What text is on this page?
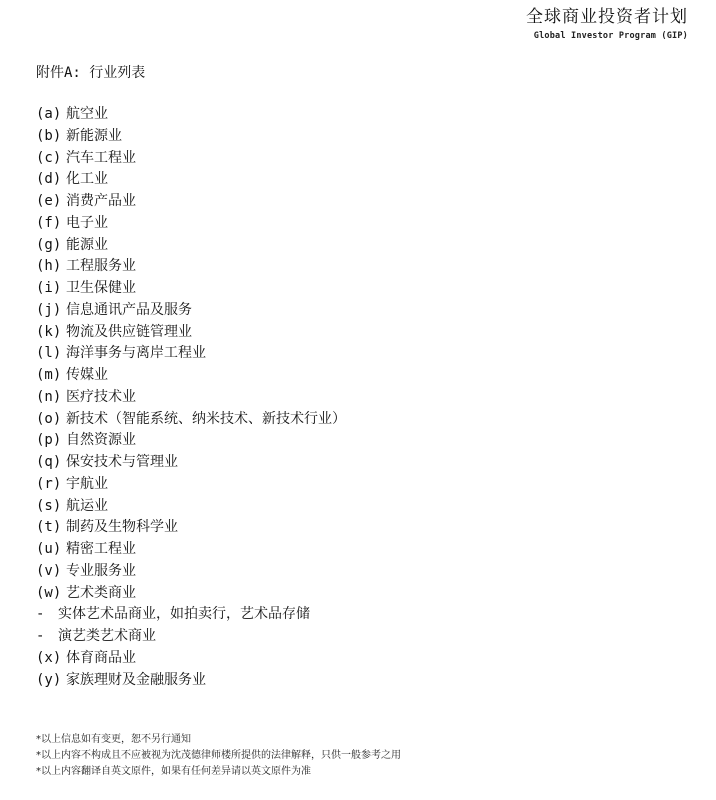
全球商业投资者计划
Global Investor Program (GIP)
附件A: 行业列表
(a) 航空业
(b) 新能源业
(c) 汽车工程业
(d) 化工业
(e) 消费产品业
(f) 电子业
(g) 能源业
(h) 工程服务业
(i) 卫生保健业
(j) 信息通讯产品及服务
(k) 物流及供应链管理业
(l) 海洋事务与离岸工程业
(m) 传媒业
(n) 医疗技术业
(o) 新技术（智能系统、纳米技术、新技术行业）
(p) 自然资源业
(q) 保安技术与管理业
(r) 宇航业
(s) 航运业
(t) 制药及生物科学业
(u) 精密工程业
(v) 专业服务业
(w) 艺术类商业
- 实体艺术品商业，如拍卖行，艺术品存储
- 演艺类艺术商业
(x) 体育商品业
(y) 家族理财及金融服务业
*以上信息如有变更，恕不另行通知
*以上内容不构成且不应被视为沈茂德律师楼所提供的法律解释，只供一般参考之用
*以上内容翻译自英文原件，如果有任何差异请以英文原件为准
